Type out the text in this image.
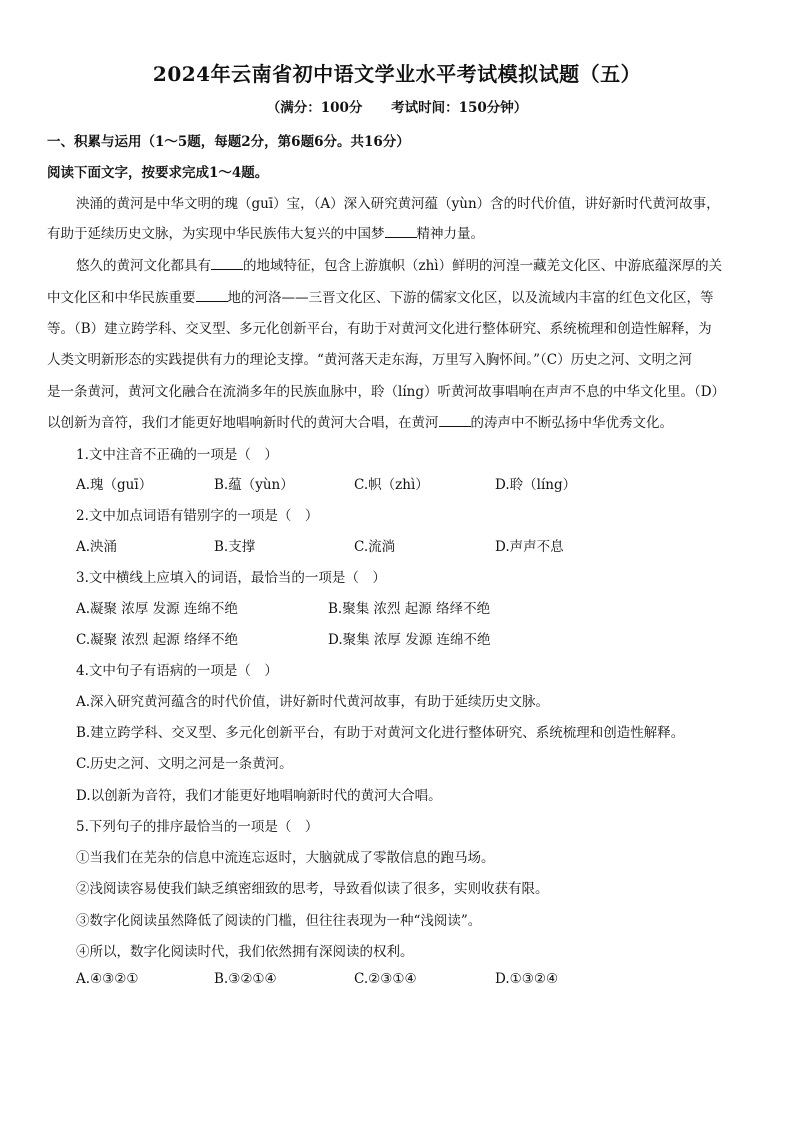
2024年云南省初中语文学业水平考试模拟试题（五）
（满分：100分 考试时间：150分钟）
一、积累与运用（1～5题，每题2分，第6题6分。共16分）
阅读下面文字，按要求完成1～4题。
泱涌的黄河是中华文明的瑰（guī）宝，（A）深入研究黄河蕴（yùn）含的时代价值，讲好新时代黄河故事，
有助于延续历史文脉，为实现中华民族伟大复兴的中国梦 精神力量。
悠久的黄河文化都具有 的地域特征，包含上游旗帜（zhì）鲜明的河湟一藏羌文化区、中游底蕴深厚的关
中文化区和中华民族重要 地的河洛——三晋文化区、下游的儒家文化区，以及流域内丰富的红色文化区，等
等。（B）建立跨学科、交叉型、多元化创新平台，有助于对黄河文化进行整体研究、系统梳理和创造性解释，为
人类文明新形态的实践提供有力的理论支撑。“黄河落天走东海，万里写入胸怀间。”（C）历史之河、文明之河
是一条黄河，黄河文化融合在流淌多年的民族血脉中，聆（líng）听黄河故事唱响在声声不息的中华文化里。（D）
以创新为音符，我们才能更好地唱响新时代的黄河大合唱，在黄河 的涛声中不断弘扬中华优秀文化。
1.文中注音不正确的一项是（　）
A.瑰（guī）	B.蕴（yùn）	C.帜（zhì）	D.聆（líng）
2.文中加点词语有错别字的一项是（　）
A.泱涌	B.支撑	C.流淌	D.声声不息
3.文中横线上应填入的词语，最恰当的一项是（　）
A.凝聚 浓厚 发源 连绵不绝	B.聚集 浓烈 起源 络绎不绝
C.凝聚 浓烈 起源 络绎不绝	D.聚集 浓厚 发源 连绵不绝
4.文中句子有语病的一项是（　）
A.深入研究黄河蕴含的时代价值，讲好新时代黄河故事，有助于延续历史文脉。
B.建立跨学科、交叉型、多元化创新平台，有助于对黄河文化进行整体研究、系统梳理和创造性解释。
C.历史之河、文明之河是一条黄河。
D.以创新为音符，我们才能更好地唱响新时代的黄河大合唱。
5.下列句子的排序最恰当的一项是（　）
①当我们在芜杂的信息中流连忘返时，大脑就成了零散信息的跑马场。
②浅阅读容易使我们缺乏缜密细致的思考，导致看似读了很多，实则收获有限。
③数字化阅读虽然降低了阅读的门槛，但往往表现为一种“浅阅读”。
④所以，数字化阅读时代，我们依然拥有深阅读的权利。
A.④③②①	B.③②①④	C.②③①④	D.①③②④
